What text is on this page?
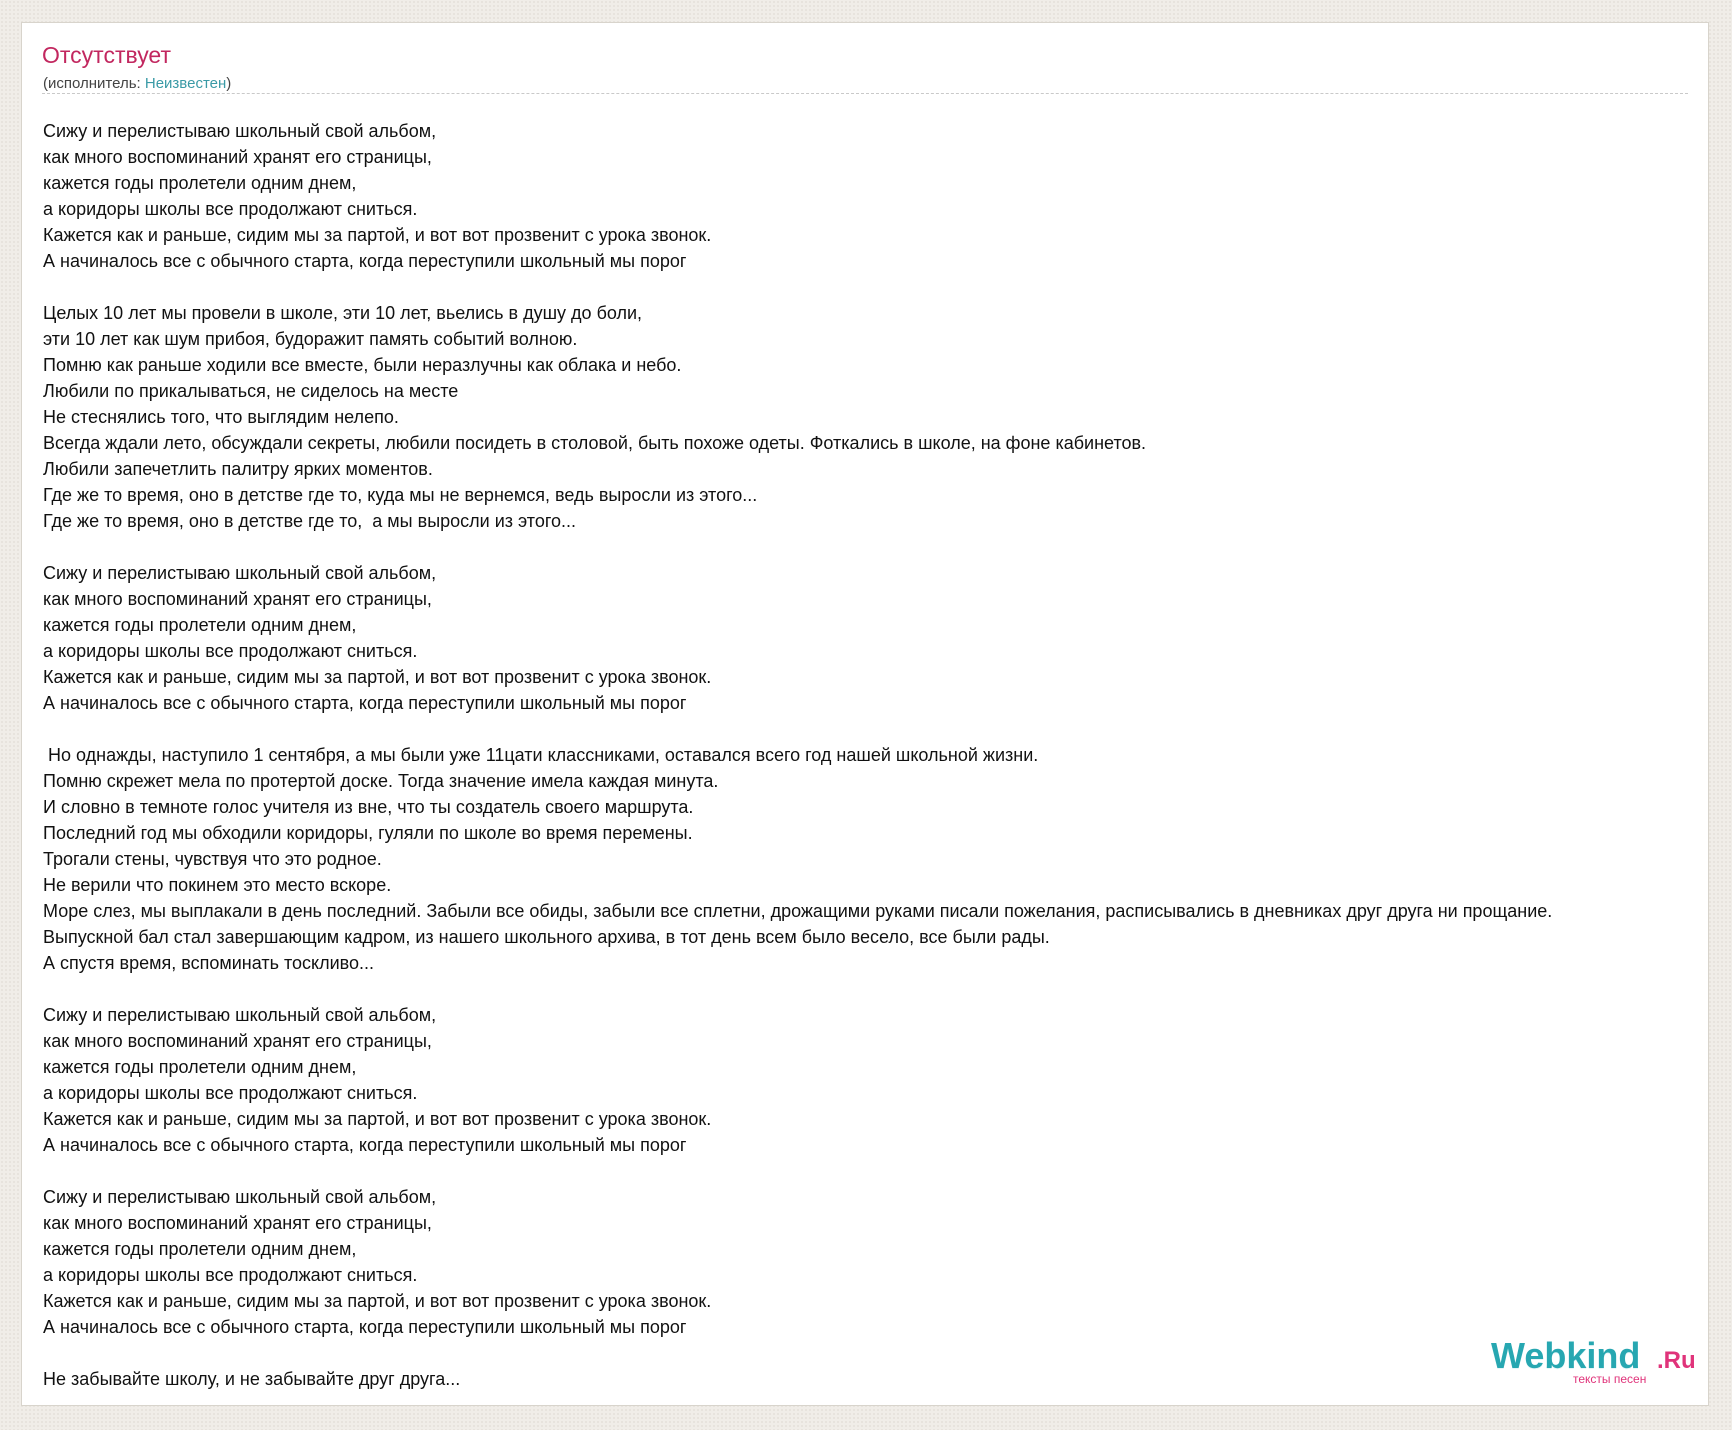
Отсутствует
(исполнитель: Неизвестен)
Сижу и перелистываю школьный свой альбом,
как много воспоминаний хранят его страницы,
кажется годы пролетели одним днем,
а коридоры школы все продолжают сниться.
Кажется как и раньше, сидим мы за партой, и вот вот прозвенит с урока звонок.
А начиналось все с обычного старта, когда переступили школьный мы порог
Целых 10 лет мы провели в школе, эти 10 лет, вьелись в душу до боли,
эти 10 лет как шум прибоя, будоражит память событий волною.
Помню как раньше ходили все вместе, были неразлучны как облака и небо.
Любили по прикалываться, не сиделось на месте
Не стеснялись того, что выглядим нелепо.
Всегда ждали лето, обсуждали секреты, любили посидеть в столовой, быть похоже одеты. Фоткались в школе, на фоне кабинетов.
Любили запечетлить палитру ярких моментов.
Где же то время, оно в детстве где то, куда мы не вернемся, ведь выросли из этого...
Где же то время, оно в детстве где то,  а мы выросли из этого...
Сижу и перелистываю школьный свой альбом,
как много воспоминаний хранят его страницы,
кажется годы пролетели одним днем,
а коридоры школы все продолжают сниться.
Кажется как и раньше, сидим мы за партой, и вот вот прозвенит с урока звонок.
А начиналось все с обычного старта, когда переступили школьный мы порог
Но однажды, наступило 1 сентября, а мы были уже 11цати классниками, оставался всего год нашей школьной жизни.
Помню скрежет мела по протертой доске. Тогда значение имела каждая минута.
И словно в темноте голос учителя из вне, что ты создатель своего маршрута.
Последний год мы обходили коридоры, гуляли по школе во время перемены.
Трогали стены, чувствуя что это родное.
Не верили что покинем это место вскоре.
Море слез, мы выплакали в день последний. Забыли все обиды, забыли все сплетни, дрожащими руками писали пожелания, расписывались в дневниках друг друга ни прощание.
Выпускной бал стал завершающим кадром, из нашего школьного архива, в тот день всем было весело, все были рады.
А спустя время, вспоминать тоскливо...
Сижу и перелистываю школьный свой альбом,
как много воспоминаний хранят его страницы,
кажется годы пролетели одним днем,
а коридоры школы все продолжают сниться.
Кажется как и раньше, сидим мы за партой, и вот вот прозвенит с урока звонок.
А начиналось все с обычного старта, когда переступили школьный мы порог
Сижу и перелистываю школьный свой альбом,
как много воспоминаний хранят его страницы,
кажется годы пролетели одним днем,
а коридоры школы все продолжают сниться.
Кажется как и раньше, сидим мы за партой, и вот вот прозвенит с урока звонок.
А начиналось все с обычного старта, когда переступили школьный мы порог
Не забывайте школу, и не забывайте друг друга...
Webkind .Ru
тексты песен
